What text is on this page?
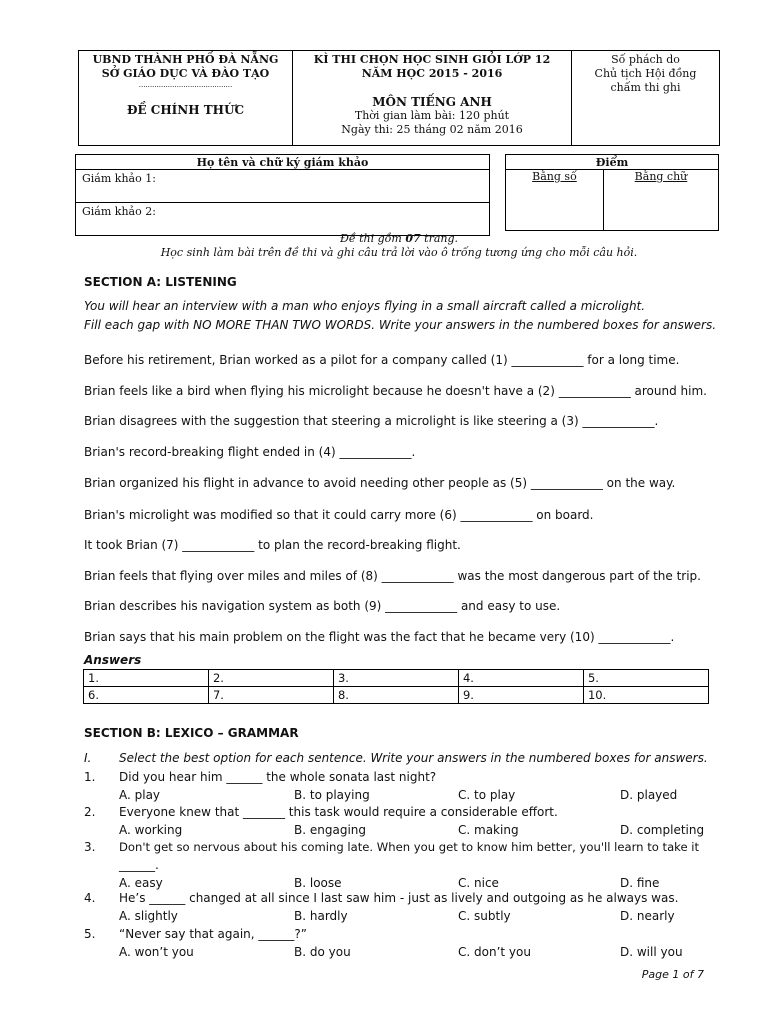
UBND THÀNH PHỐ ĐÀ NẴNG
SỞ GIÁO DỤC VÀ ĐÀO TẠO
..........................................
ĐỀ CHÍNH THỨC

KÌ THI CHỌN HỌC SINH GIỎI LỚP 12
NĂM HỌC 2015 - 2016
MÔN TIẾNG ANH
Thời gian làm bài: 120 phút
Ngày thi: 25 tháng 02 năm 2016

Số phách do
Chủ tịch Hội đồng
chấm thi ghi
Họ tên và chữ ký giám khảo
Giám khảo 1:
Giám khảo 2:
Điểm
Bằng số	Bằng chữ
Đề thi gồm 07 trang.
Học sinh làm bài trên đề thi và ghi câu trả lời vào ô trống tương ứng cho mỗi câu hỏi.
SECTION A: LISTENING
You will hear an interview with a man who enjoys flying in a small aircraft called a microlight.
Fill each gap with NO MORE THAN TWO WORDS. Write your answers in the numbered boxes for answers.
Before his retirement, Brian worked as a pilot for a company called (1) ____________ for a long time.
Brian feels like a bird when flying his microlight because he doesn't have a (2) ____________ around him.
Brian disagrees with the suggestion that steering a microlight is like steering a (3) ____________.
Brian's record-breaking flight ended in (4) ____________.
Brian organized his flight in advance to avoid needing other people as (5) ____________ on the way.
Brian's microlight was modified so that it could carry more (6) ____________ on board.
It took Brian (7) ____________ to plan the record-breaking flight.
Brian feels that flying over miles and miles of (8) ____________ was the most dangerous part of the trip.
Brian describes his navigation system as both (9) ____________ and easy to use.
Brian says that his main problem on the flight was the fact that he became very (10) ____________.
Answers
1.	2.	3.	4.	5.
6.	7.	8.	9.	10.
SECTION B: LEXICO – GRAMMAR
I. Select the best option for each sentence. Write your answers in the numbered boxes for answers.
1. Did you hear him ______ the whole sonata last night?
A. play	B. to playing	C. to play	D. played
2. Everyone knew that _______ this task would require a considerable effort.
A. working	B. engaging	C. making	D. completing
3. Don't get so nervous about his coming late. When you get to know him better, you'll learn to take it
______.
A. easy	B. loose	C. nice	D. fine
4. He’s ______ changed at all since I last saw him - just as lively and outgoing as he always was.
A. slightly	B. hardly	C. subtly	D. nearly
5. “Never say that again, ______?”
A. won’t you	B. do you	C. don’t you	D. will you
Page 1 of 7
